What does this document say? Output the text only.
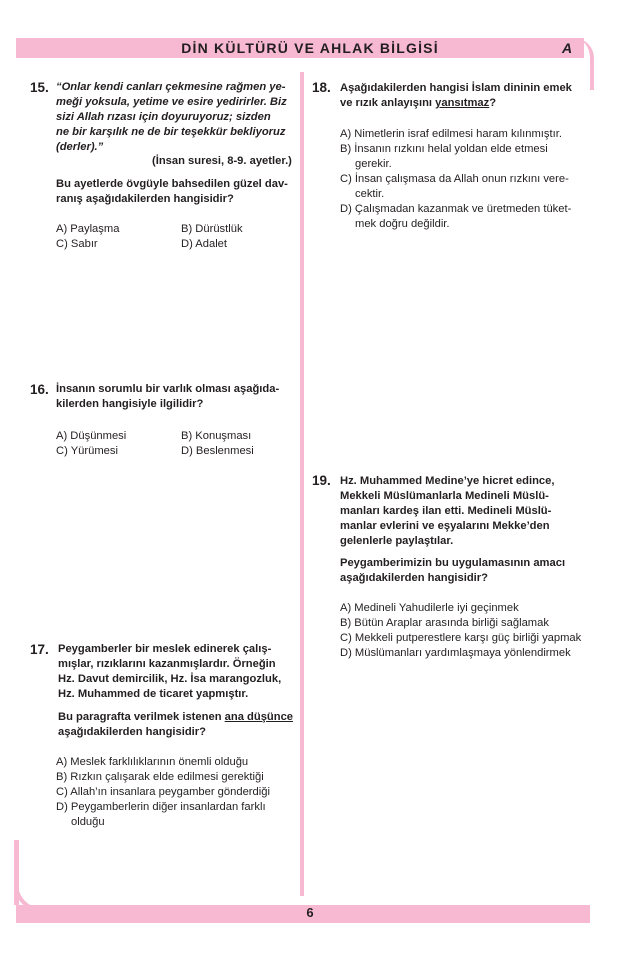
DİN KÜLTÜRÜ VE AHLAK BİLGİSİ	A
6
15. “Onlar kendi canları çekmesine rağmen ye-
meği yoksula, yetime ve esire yedirirler. Biz
sizi Allah rızası için doyuruyoruz; sizden
ne bir karşılık ne de bir teşekkür bekliyoruz
(derler).”
(İnsan suresi, 8-9. ayetler.)
Bu ayetlerde övgüyle bahsedilen güzel dav-
ranış aşağıdakilerden hangisidir?
A) Paylaşma	B) Dürüstlük
C) Sabır	D) Adalet
16. İnsanın sorumlu bir varlık olması aşağıda-
kilerden hangisiyle ilgilidir?
A) Düşünmesi	B) Konuşması
C) Yürümesi	D) Beslenmesi
17. Peygamberler bir meslek edinerek çalış-
mışlar, rızıklarını kazanmışlardır. Örneğin
Hz. Davut demircilik, Hz. İsa marangozluk,
Hz. Muhammed de ticaret yapmıştır.
Bu paragrafta verilmek istenen ana düşünce
aşağıdakilerden hangisidir?
A) Meslek farklılıklarının önemli olduğu
B) Rızkın çalışarak elde edilmesi gerektiği
C) Allah’ın insanlara peygamber gönderdiği
D) Peygamberlerin diğer insanlardan farklı
olduğu
18. Aşağıdakilerden hangisi İslam dininin emek
ve rızık anlayışını yansıtmaz?
A) Nimetlerin israf edilmesi haram kılınmıştır.
B) İnsanın rızkını helal yoldan elde etmesi
gerekir.
C) İnsan çalışmasa da Allah onun rızkını vere-
cektir.
D) Çalışmadan kazanmak ve üretmeden tüket-
mek doğru değildir.
19. Hz. Muhammed Medine’ye hicret edince,
Mekkeli Müslümanlarla Medineli Müslü-
manları kardeş ilan etti. Medineli Müslü-
manlar evlerini ve eşyalarını Mekke’den
gelenlerle paylaştılar.
Peygamberimizin bu uygulamasının amacı
aşağıdakilerden hangisidir?
A) Medineli Yahudilerle iyi geçinmek
B) Bütün Araplar arasında birliği sağlamak
C) Mekkeli putperestlere karşı güç birliği yapmak
D) Müslümanları yardımlaşmaya yönlendirmek
